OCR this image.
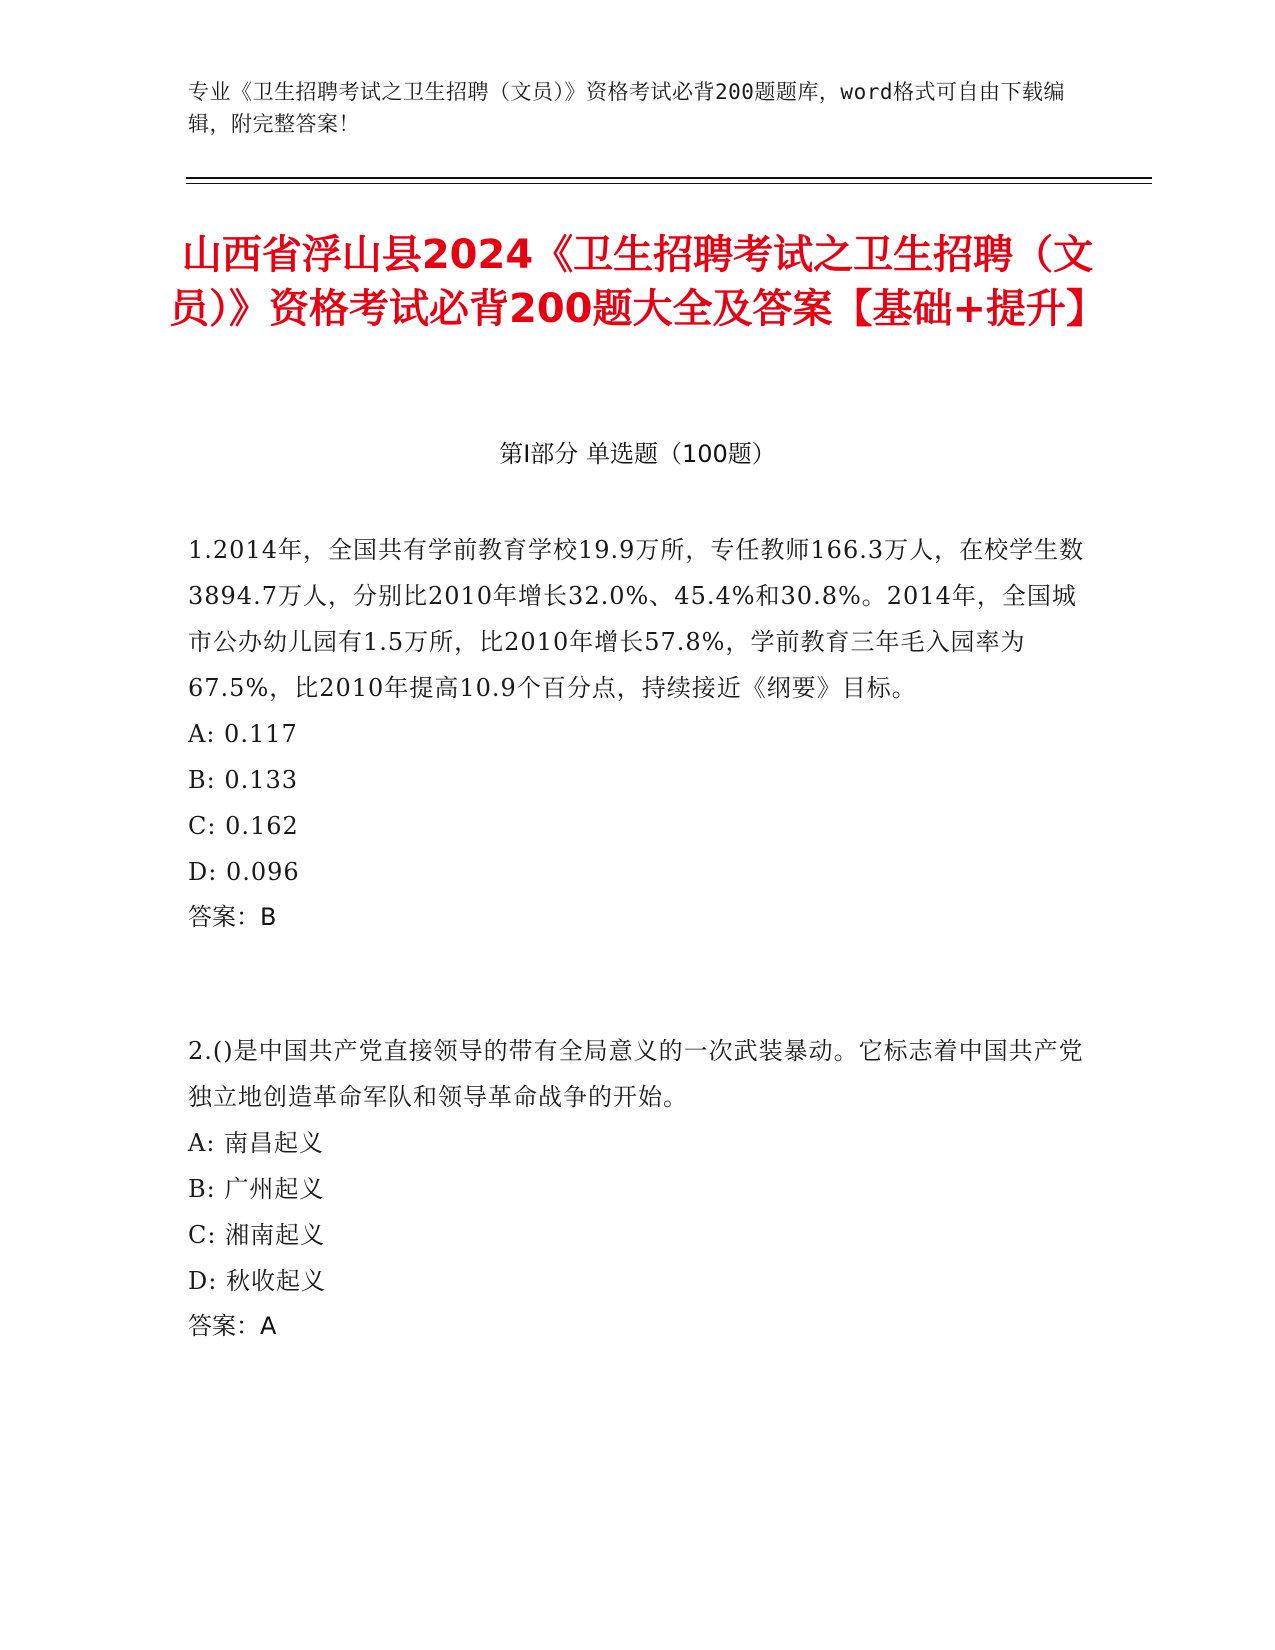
专业《卫生招聘考试之卫生招聘（文员）》资格考试必背200题题库，word格式可自由下载编辑，附完整答案！
山西省浮山县2024《卫生招聘考试之卫生招聘（文员）》资格考试必背200题大全及答案【基础+提升】
第I部分 单选题（100题）
1.2014年，全国共有学前教育学校19.9万所，专任教师166.3万人，在校学生数3894.7万人，分别比2010年增长32.0%、45.4%和30.8%。2014年，全国城市公办幼儿园有1.5万所，比2010年增长57.8%，学前教育三年毛入园率为67.5%，比2010年提高10.9个百分点，持续接近《纲要》目标。
A: 0.117
B: 0.133
C: 0.162
D: 0.096
答案：B
2.()是中国共产党直接领导的带有全局意义的一次武装暴动。它标志着中国共产党独立地创造革命军队和领导革命战争的开始。
A: 南昌起义
B: 广州起义
C: 湘南起义
D: 秋收起义
答案：A
